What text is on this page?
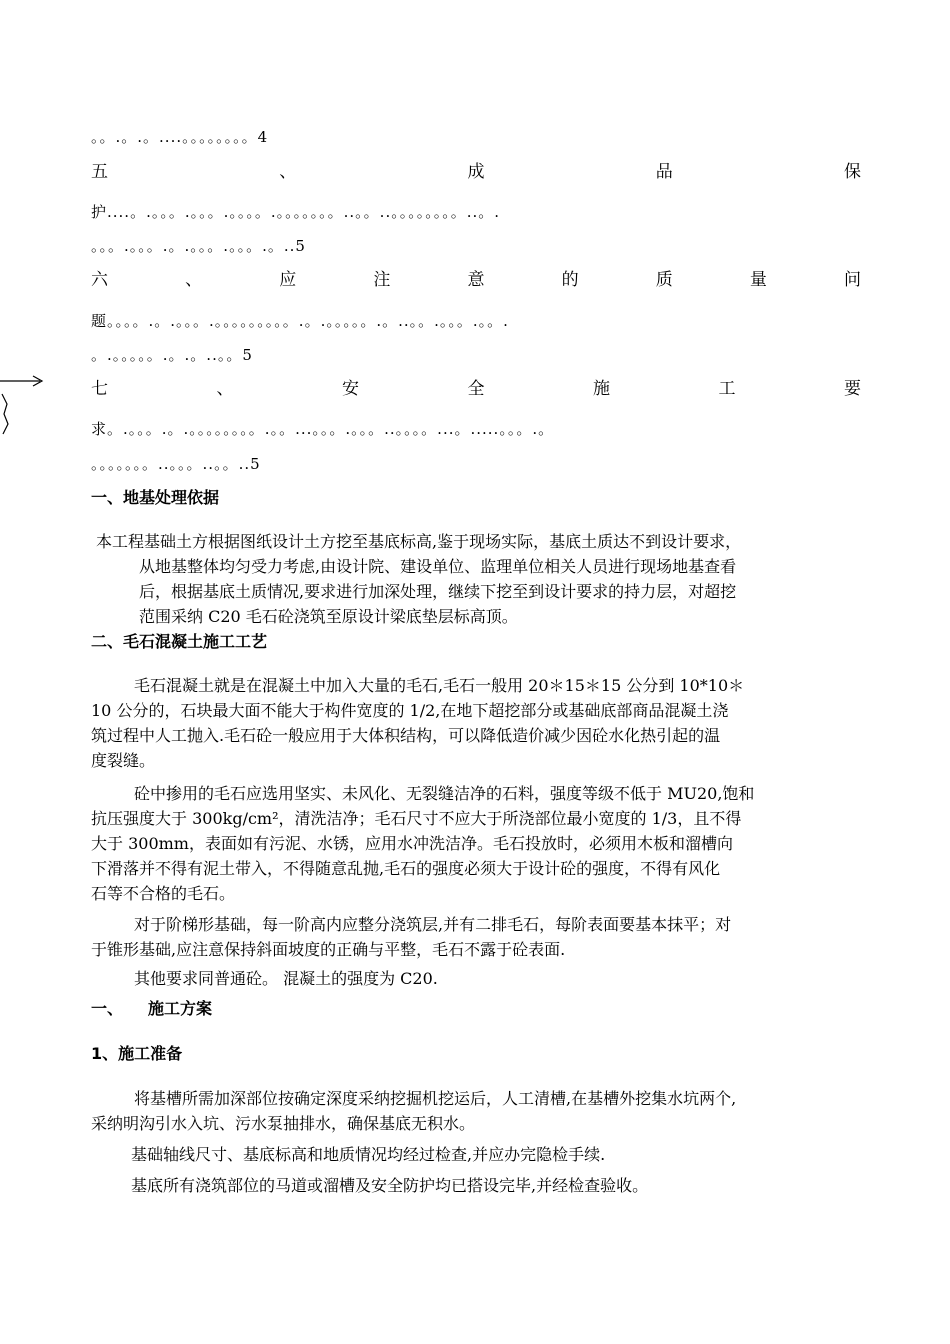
。。.。.。....。。。。。。。。4
五	、	成	品	保
护....。.。。。.。。。.。。。。.。。。。。。。..。。..。。。。。。。。..。.
。。。.。。。.。.。。。.。。。.。..5
六	、	应	注	意	的	质	量	问
题。。。。.。.。。。.。。。。。。。。。.。.。。。。。.。..。。.。。。.。。.
。.。。。。。.。.。..。。5
七	、	安	全	施	工	要
求。.。。。.。.。。。。。。。。.。。...。。。.。。。..。。。。...。.....。。。.。
。。。。。。。..。。。..。。..5
一、地基处理依据
本工程基础土方根据图纸设计土方挖至基底标高,鉴于现场实际，基底土质达不到设计要求，
从地基整体均匀受力考虑,由设计院、建设单位、监理单位相关人员进行现场地基查看
后，根据基底土质情况,要求进行加深处理，继续下挖至到设计要求的持力层，对超挖
范围采纳 C20 毛石砼浇筑至原设计梁底垫层标高顶。
二、毛石混凝土施工工艺
毛石混凝土就是在混凝土中加入大量的毛石,毛石一般用 20＊15＊15 公分到 10*10＊
10 公分的，石块最大面不能大于构件宽度的 1/2,在地下超挖部分或基础底部商品混凝土浇
筑过程中人工抛入.毛石砼一般应用于大体积结构，可以降低造价减少因砼水化热引起的温
度裂缝。
砼中掺用的毛石应选用坚实、未风化、无裂缝洁净的石料，强度等级不低于 MU20,饱和
抗压强度大于 300kg/cm²，清洗洁净；毛石尺寸不应大于所浇部位最小宽度的 1/3，且不得
大于 300mm，表面如有污泥、水锈，应用水冲洗洁净。毛石投放时，必须用木板和溜槽向
下滑落并不得有泥土带入，不得随意乱抛,毛石的强度必须大于设计砼的强度，不得有风化
石等不合格的毛石。
对于阶梯形基础，每一阶高内应整分浇筑层,并有二排毛石，每阶表面要基本抹平；对
于锥形基础,应注意保持斜面坡度的正确与平整，毛石不露于砼表面.
其他要求同普通砼。 混凝土的强度为 C20.
一、 施工方案
1、施工准备
将基槽所需加深部位按确定深度采纳挖掘机挖运后，人工清槽,在基槽外挖集水坑两个,
采纳明沟引水入坑、污水泵抽排水，确保基底无积水。
基础轴线尺寸、基底标高和地质情况均经过检查,并应办完隐检手续.
基底所有浇筑部位的马道或溜槽及安全防护均已搭设完毕,并经检查验收。
